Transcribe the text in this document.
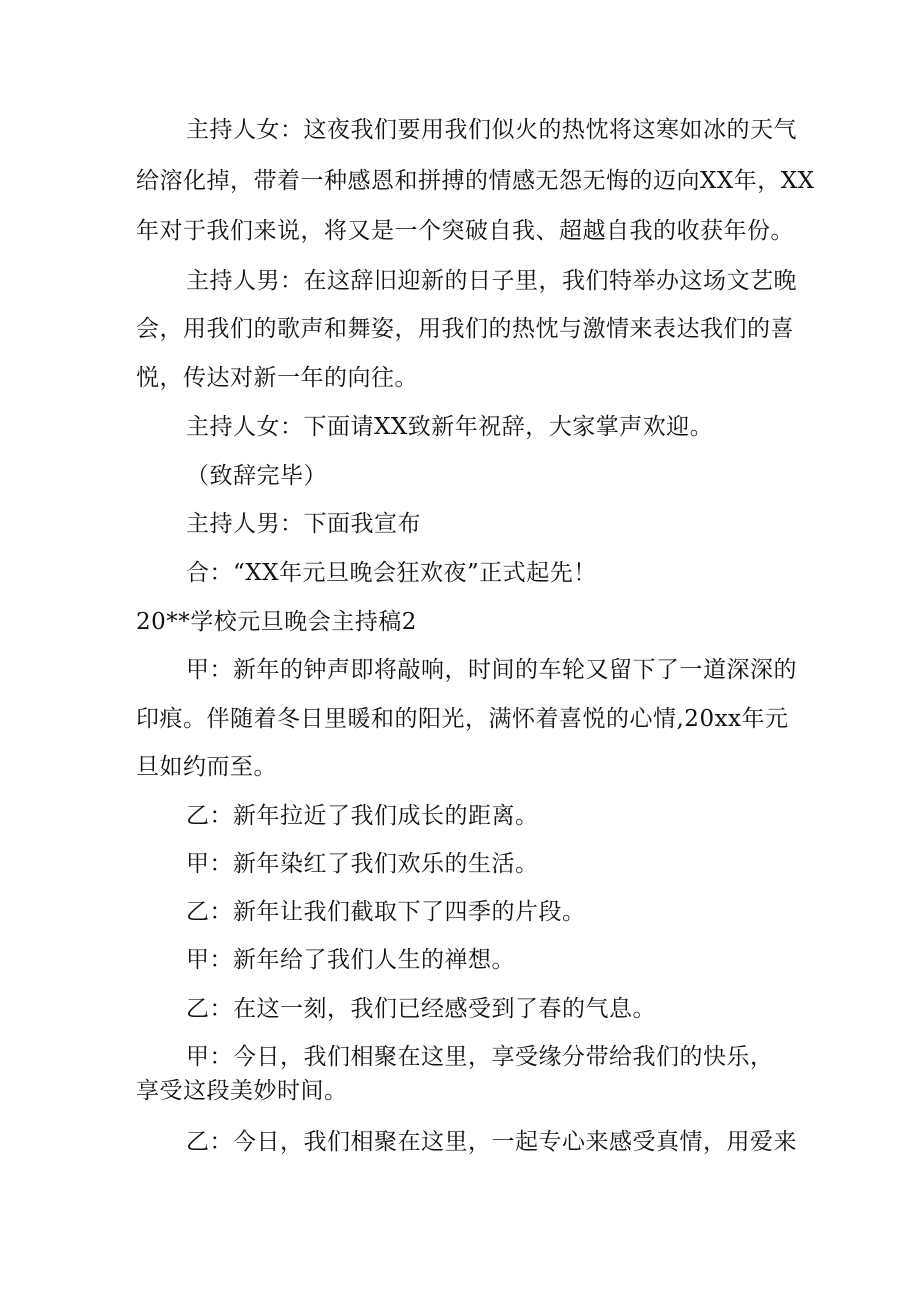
主持人女：这夜我们要用我们似火的热忱将这寒如冰的天气
给溶化掉，带着一种感恩和拼搏的情感无怨无悔的迈向XX年，XX
年对于我们来说，将又是一个突破自我、超越自我的收获年份。
主持人男：在这辞旧迎新的日子里，我们特举办这场文艺晚
会，用我们的歌声和舞姿，用我们的热忱与激情来表达我们的喜
悦，传达对新一年的向往。
主持人女：下面请XX致新年祝辞，大家掌声欢迎。
（致辞完毕）
主持人男：下面我宣布
合：“XX年元旦晚会狂欢夜”正式起先！
20**学校元旦晚会主持稿2
甲：新年的钟声即将敲响，时间的车轮又留下了一道深深的
印痕。伴随着冬日里暖和的阳光，满怀着喜悦的心情,20xx年元
旦如约而至。
乙：新年拉近了我们成长的距离。
甲：新年染红了我们欢乐的生活。
乙：新年让我们截取下了四季的片段。
甲：新年给了我们人生的禅想。
乙：在这一刻，我们已经感受到了春的气息。
甲：今日，我们相聚在这里，享受缘分带给我们的快乐，
享受这段美妙时间。
乙：今日，我们相聚在这里，一起专心来感受真情，用爱来
